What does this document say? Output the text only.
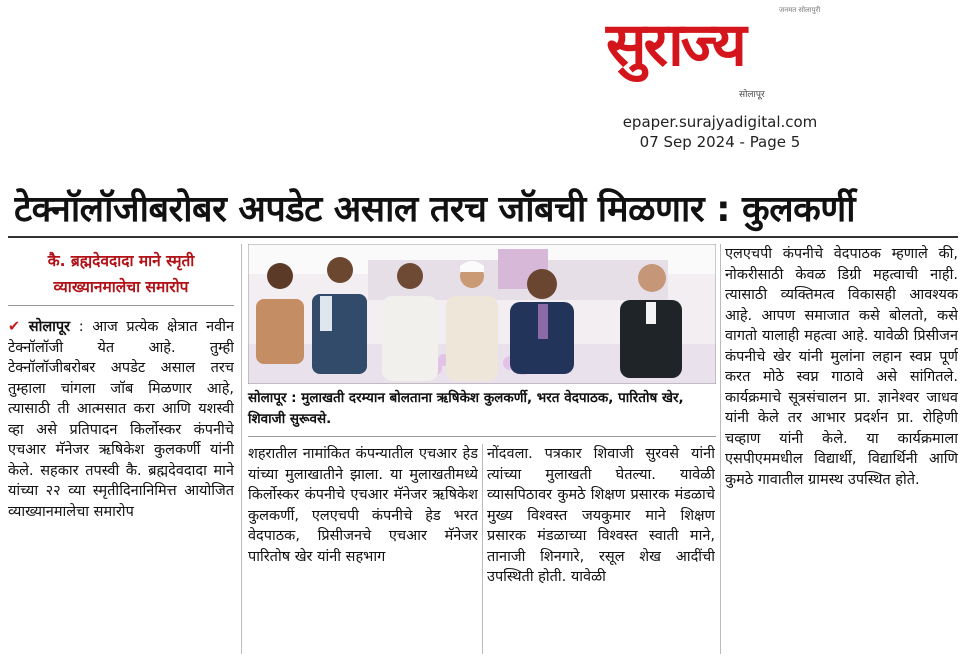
जनमत सोलापुरी
सुराज्य
सोलापूर
epaper.surajyadigital.com
07 Sep 2024 - Page 5
टेक्नॉलॉजीबरोबर अपडेट असाल तरच जॉबची मिळणार : कुलकर्णी
कै. ब्रह्मदेवदादा माने स्मृती व्याख्यानमालेचा समारोप
✔ सोलापूर : आज प्रत्येक क्षेत्रात नवीन टेक्नॉलॉजी येत आहे. तुम्ही टेक्नॉलॉजीबरोबर अपडेट असाल तरच तुम्हाला चांगला जॉब मिळणार आहे, त्यासाठी ती आत्मसात करा आणि यशस्वी व्हा असे प्रतिपादन किर्लोस्कर कंपनीचे एचआर मॅनेजर ऋषिकेश कुलकर्णी यांनी केले. सहकार तपस्वी कै. ब्रह्मदेवदादा माने यांच्या २२ व्या स्मृतीदिनानिमित्त आयोजित व्याख्यानमालेचा समारोप
सोलापूर : मुलाखती दरम्यान बोलताना ऋषिकेश कुलकर्णी, भरत वेदपाठक, पारितोष खेर, शिवाजी सुरूवसे.
शहरातील नामांकित कंपन्यातील एचआर हेड यांच्या मुलाखातीने झाला. या मुलाखतीमध्ये किर्लोस्कर कंपनीचे एचआर मॅनेजर ऋषिकेश कुलकर्णी, एलएचपी कंपनीचे हेड भरत वेदपाठक, प्रिसीजनचे एचआर मॅनेजर पारितोष खेर यांनी सहभाग
नोंदवला. पत्रकार शिवाजी सुरवसे यांनी त्यांच्या मुलाखती घेतल्या. यावेळी व्यासपिठावर कुमठे शिक्षण प्रसारक मंडळाचे मुख्य विश्वस्त जयकुमार माने शिक्षण प्रसारक मंडळाच्या विश्वस्त स्वाती माने, तानाजी शिनगारे, रसूल शेख आदींची उपस्थिती होती. यावेळी
एलएचपी कंपनीचे वेदपाठक म्हणाले की, नोकरीसाठी केवळ डिग्री महत्वाची नाही. त्यासाठी व्यक्तिमत्व विकासही आवश्यक आहे. आपण समाजात कसे बोलतो, कसे वागतो यालाही महत्वा आहे. यावेळी प्रिसीजन कंपनीचे खेर यांनी मुलांना लहान स्वप्न पूर्ण करत मोठे स्वप्न गाठावे असे सांगितले. कार्यक्रमाचे सूत्रसंचालन प्रा. ज्ञानेश्वर जाधव यांनी केले तर आभार प्रदर्शन प्रा. रोहिणी चव्हाण यांनी केले. या कार्यक्रमाला एसपीएममधील विद्यार्थी, विद्यार्थिनी आणि कुमठे गावातील ग्रामस्थ उपस्थित होते.
